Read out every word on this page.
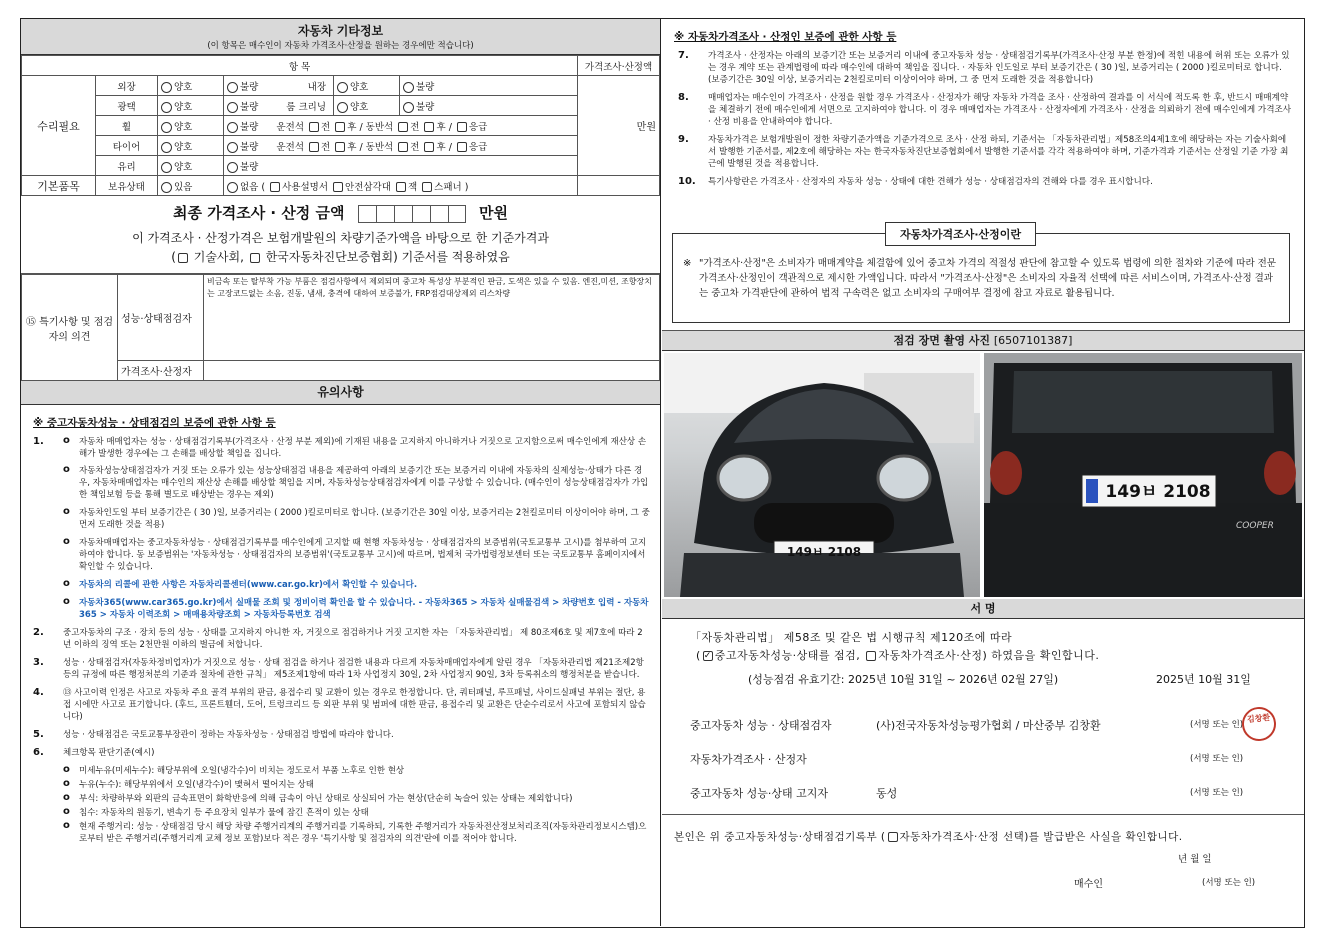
자동차 기타정보
(이 항목은 매수인이 자동차 가격조사·산정을 원하는 경우에만 적습니다)
항 목						가격조사·산정액
수리필요	외장	양호	불량 내장	양호	불량	만원
	광택	양호	불량 룸 크리닝	양호	불량	
	휠	양호	불량 운전석 전 후 / 동반석 전 후 / 응급			
	타이어	양호	불량 운전석 전 후 / 동반석 전 후 / 응급			
	유리	양호	불량			
기본품목	보유상태	있음	없음 ( 사용설명서 안전삼각대 잭 스패너 )			
최종 가격조사 · 산정 금액	만원
이 가격조사 · 산정가격은 보험개발원의 차량기준가액을 바탕으로 한 기준가격과
( 기술사회, 한국자동차진단보증협회) 기준서를 적용하였음
⑮ 특기사항 및 점검자의 의견	성능·상태점검자	비금속 또는 탈부착 가능 부품은 점검사항에서 제외되며 중고차 특성상 부분적인 판금, 도색은 있을 수 있음. 엔진,미션, 조향장치는 고장코드없는 소음, 진동, 냄새, 충격에 대하여 보증불가, FRP점검대상제외 리스차량
	가격조사·산정자	
유의사항
※ 중고자동차성능 · 상태점검의 보증에 관한 사항 등
1. o 자동차 매매업자는 성능 · 상태점검기록부(가격조사 · 산정 부분 제외)에 기재된 내용을 고지하지 아니하거나 거짓으로 고지함으로써 매수인에게 재산상 손해가 발생한 경우에는 그 손해를 배상할 책임을 집니다.
o 자동차성능상태점검자가 거짓 또는 오류가 있는 성능상태점검 내용을 제공하여 아래의 보증기간 또는 보증거리 이내에 자동차의 실제성능·상태가 다른 경우, 자동차매매업자는 매수인의 재산상 손해를 배상할 책임을 지며, 자동차성능상태점검자에게 이를 구상할 수 있습니다. (매수인이 성능상태점검자가 가입한 책임보험 등을 통해 별도로 배상받는 경우는 제외)
o 자동차인도일 부터 보증기간은 ( 30 )일, 보증거리는 ( 2000 )킬로미터로 합니다. (보증기간은 30일 이상, 보증거리는 2천킬로미터 이상이어야 하며, 그 중 먼저 도래한 것을 적용)
o 자동차매매업자는 중고자동차성능 · 상태점검기록부를 매수인에게 고지할 때 현행 자동차성능 · 상태점검자의 보증범위(국토교통부 고시)를 첨부하여 고지하여야 합니다. 동 보증범위는 '자동차성능 · 상태점검자의 보증범위'(국토교통부 고시)에 따르며, 법제처 국가법령정보센터 또는 국토교통부 홈페이지에서 확인할 수 있습니다.
o 자동차의 리콜에 관한 사항은 자동차리콜센터(www.car.go.kr)에서 확인할 수 있습니다.
o 자동차365(www.car365.go.kr)에서 실매물 조회 및 정비이력 확인을 할 수 있습니다. - 자동차365 > 자동차 실매물검색 > 차량번호 입력 - 자동차365 > 자동차 이력조회 > 매매용차량조회 > 자동차등록번호 검색
2. 중고자동차의 구조 · 장치 등의 성능 · 상태를 고지하지 아니한 자, 거짓으로 점검하거나 거짓 고지한 자는 「자동차관리법」 제 80조제6호 및 제7호에 따라 2년 이하의 징역 또는 2천만원 이하의 벌금에 처합니다.
3. 성능 · 상태점검자(자동차정비업자)가 거짓으로 성능 · 상태 점검을 하거나 점검한 내용과 다르게 자동차매매업자에게 알린 경우 「자동차관리법 제21조제2항 등의 규정에 따른 행정처분의 기준과 절차에 관한 규칙」 제5조제1항에 따라 1차 사업정지 30일, 2차 사업정지 90일, 3차 등록취소의 행정처분을 받습니다.
4. ⑬ 사고이력 인정은 사고로 자동차 주요 골격 부위의 판금, 용접수리 및 교환이 있는 경우로 한정합니다. 단, 쿼터패널, 루프패널, 사이드실패널 부위는 절단, 용접 시에만 사고로 표기합니다. (후드, 프론트휀더, 도어, 트렁크리드 등 외판 부위 및 범퍼에 대한 판금, 용접수리 및 교환은 단순수리로서 사고에 포함되지 않습니다)
5. 성능 · 상태점검은 국토교통부장관이 정하는 자동차성능 · 상태점검 방법에 따라야 합니다.
6. 체크항목 판단기준(예시)
o 미세누유(미세누수): 해당부위에 오일(냉각수)이 비치는 정도로서 부품 노후로 인한 현상
o 누유(누수): 해당부위에서 오일(냉각수)이 맺혀서 떨어지는 상태
o 부식: 차량하부와 외판의 금속표면이 화학반응에 의해 금속이 아닌 상태로 상실되어 가는 현상(단순히 녹슬어 있는 상태는 제외합니다)
o 침수: 자동차의 원동기, 변속기 등 주요장치 일부가 물에 잠긴 흔적이 있는 상태
o 현재 주행거리: 성능 · 상태점검 당시 해당 차량 주행거리계의 주행거리를 기록하되, 기록한 주행거리가 자동차전산정보처리조직(자동차관리정보시스템)으로부터 받은 주행거리(주행거리계 교체 정보 포함)보다 적은 경우 '특기사항 및 점검자의 의견'란에 이를 적어야 합니다.
※ 자동차가격조사 · 산정인 보증에 관한 사항 등
7. 가격조사 · 산정자는 아래의 보증기간 또는 보증거리 이내에 중고자동차 성능 · 상태점검기록부(가격조사·산정 부분 한정)에 적힌 내용에 허위 또는 오류가 있는 경우 계약 또는 관계법령에 따라 매수인에 대하여 책임을 집니다. · 자동차 인도일로 부터 보증기간은 ( 30 )일, 보증거리는 ( 2000 )킬로미터로 합니다. (보증기간은 30일 이상, 보증거리는 2천킬로미터 이상이어야 하며, 그 중 먼저 도래한 것을 적용합니다)
8. 매매업자는 매수인이 가격조사 · 산정을 원할 경우 가격조사 · 산정자가 해당 자동차 가격을 조사 · 산정하여 결과를 이 서식에 적도록 한 후, 반드시 매매계약을 체결하기 전에 매수인에게 서면으로 고지하여야 합니다. 이 경우 매매업자는 가격조사 · 산정자에게 가격조사 · 산정을 의뢰하기 전에 매수인에게 가격조사 · 산정 비용을 안내하여야 합니다.
9. 자동차가격은 보험개발원이 정한 차량기준가액을 기준가격으로 조사 · 산정 하되, 기준서는 「자동차관리법」제58조의4제1호에 해당하는 자는 기술사회에서 발행한 기준서를, 제2호에 해당하는 자는 한국자동차진단보증협회에서 발행한 기준서를 각각 적용하여야 하며, 기준가격과 기준서는 산정일 기준 가장 최근에 발행된 것을 적용합니다.
10. 특기사항란은 가격조사 · 산정자의 자동차 성능 · 상태에 대한 견해가 성능 · 상태점검자의 견해와 다를 경우 표시합니다.
자동차가격조사·산정이란
※ "가격조사·산정"은 소비자가 매매계약을 체결함에 있어 중고차 가격의 적절성 판단에 참고할 수 있도록 법령에 의한 절차와 기준에 따라 전문 가격조사·산정인이 객관적으로 제시한 가액입니다. 따라서 "가격조사·산정"은 소비자의 자율적 선택에 따른 서비스이며, 가격조사·산정 결과는 중고차 가격판단에 관하여 법적 구속력은 없고 소비자의 구매여부 결정에 참고 자료로 활용됩니다.
점검 장면 촬영 사진 [6507101387]
149ㅂ 2108
149ㅂ 2108
COOPER
서 명
「자동차관리법」 제58조 및 같은 법 시행규칙 제120조에 따라
( ✓ 중고자동차성능·상태를 점검, 자동차가격조사·산정) 하였음을 확인합니다.
(성능점검 유효기간: 2025년 10월 31일 ~ 2026년 02월 27일)	2025년 10월 31일
중고자동차 성능 · 상태점검자	(사)전국자동차성능평가협회 / 마산중부 김창환	(서명 또는 인)
김창환
자동차가격조사 · 산정자	(서명 또는 인)
중고자동차 성능·상태 고지자	동성	(서명 또는 인)
본인은 위 중고자동차성능·상태점검기록부 ( 자동차가격조사·산정 선택)를 발급받은 사실을 확인합니다.
년 월 일
매수인	(서명 또는 인)
